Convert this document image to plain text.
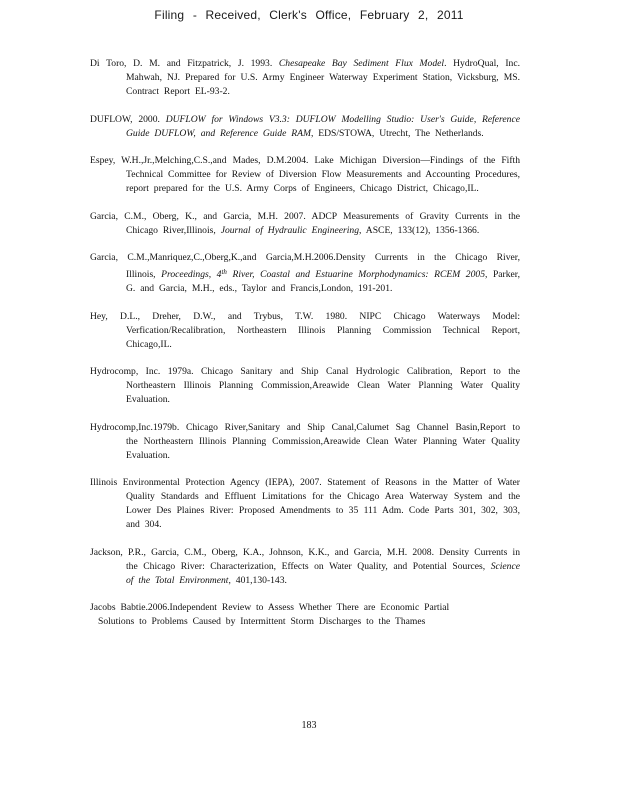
Filing - Received, Clerk's Office, February 2, 2011

Di Toro, D. M. and Fitzpatrick, J. 1993. Chesapeake Bay Sediment Flux Model. HydroQual, Inc. Mahwah, NJ. Prepared for U.S. Army Engineer Waterway Experiment Station, Vicksburg, MS. Contract Report EL-93-2.

DUFLOW, 2000. DUFLOW for Windows V3.3: DUFLOW Modelling Studio: User's Guide, Reference Guide DUFLOW, and Reference Guide RAM, EDS/STOWA, Utrecht, The Netherlands.

Espey, W.H.,Jr.,Melching,C.S.,and Mades, D.M.2004. Lake Michigan Diversion—Findings of the Fifth Technical Committee for Review of Diversion Flow Measurements and Accounting Procedures, report prepared for the U.S. Army Corps of Engineers, Chicago District, Chicago,IL.

Garcia, C.M., Oberg, K., and Garcia, M.H. 2007. ADCP Measurements of Gravity Currents in the Chicago River,Illinois, Journal of Hydraulic Engineering, ASCE, 133(12), 1356-1366.

Garcia, C.M.,Manriquez,C.,Oberg,K.,and Garcia,M.H.2006.Density Currents in the Chicago River, Illinois, Proceedings, 4th River, Coastal and Estuarine Morphodynamics: RCEM 2005, Parker, G. and Garcia, M.H., eds., Taylor and Francis,London, 191-201.

Hey, D.L., Dreher, D.W., and Trybus, T.W. 1980. NIPC Chicago Waterways Model: Verfication/Recalibration, Northeastern Illinois Planning Commission Technical Report, Chicago,IL.

Hydrocomp, Inc. 1979a. Chicago Sanitary and Ship Canal Hydrologic Calibration, Report to the Northeastern Illinois Planning Commission,Areawide Clean Water Planning Water Quality Evaluation.

Hydrocomp,Inc.1979b. Chicago River,Sanitary and Ship Canal,Calumet Sag Channel Basin,Report to the Northeastern Illinois Planning Commission,Areawide Clean Water Planning Water Quality Evaluation.

Illinois Environmental Protection Agency (IEPA), 2007. Statement of Reasons in the Matter of Water Quality Standards and Effluent Limitations for the Chicago Area Waterway System and the Lower Des Plaines River: Proposed Amendments to 35 111 Adm. Code Parts 301, 302, 303, and 304.

Jackson, P.R., Garcia, C.M., Oberg, K.A., Johnson, K.K., and Garcia, M.H. 2008. Density Currents in the Chicago River: Characterization, Effects on Water Quality, and Potential Sources, Science of the Total Environment, 401,130-143.

Jacobs Babtie.2006.Independent Review to Assess Whether There are Economic Partial
Solutions to Problems Caused by Intermittent Storm Discharges to the Thames

183
